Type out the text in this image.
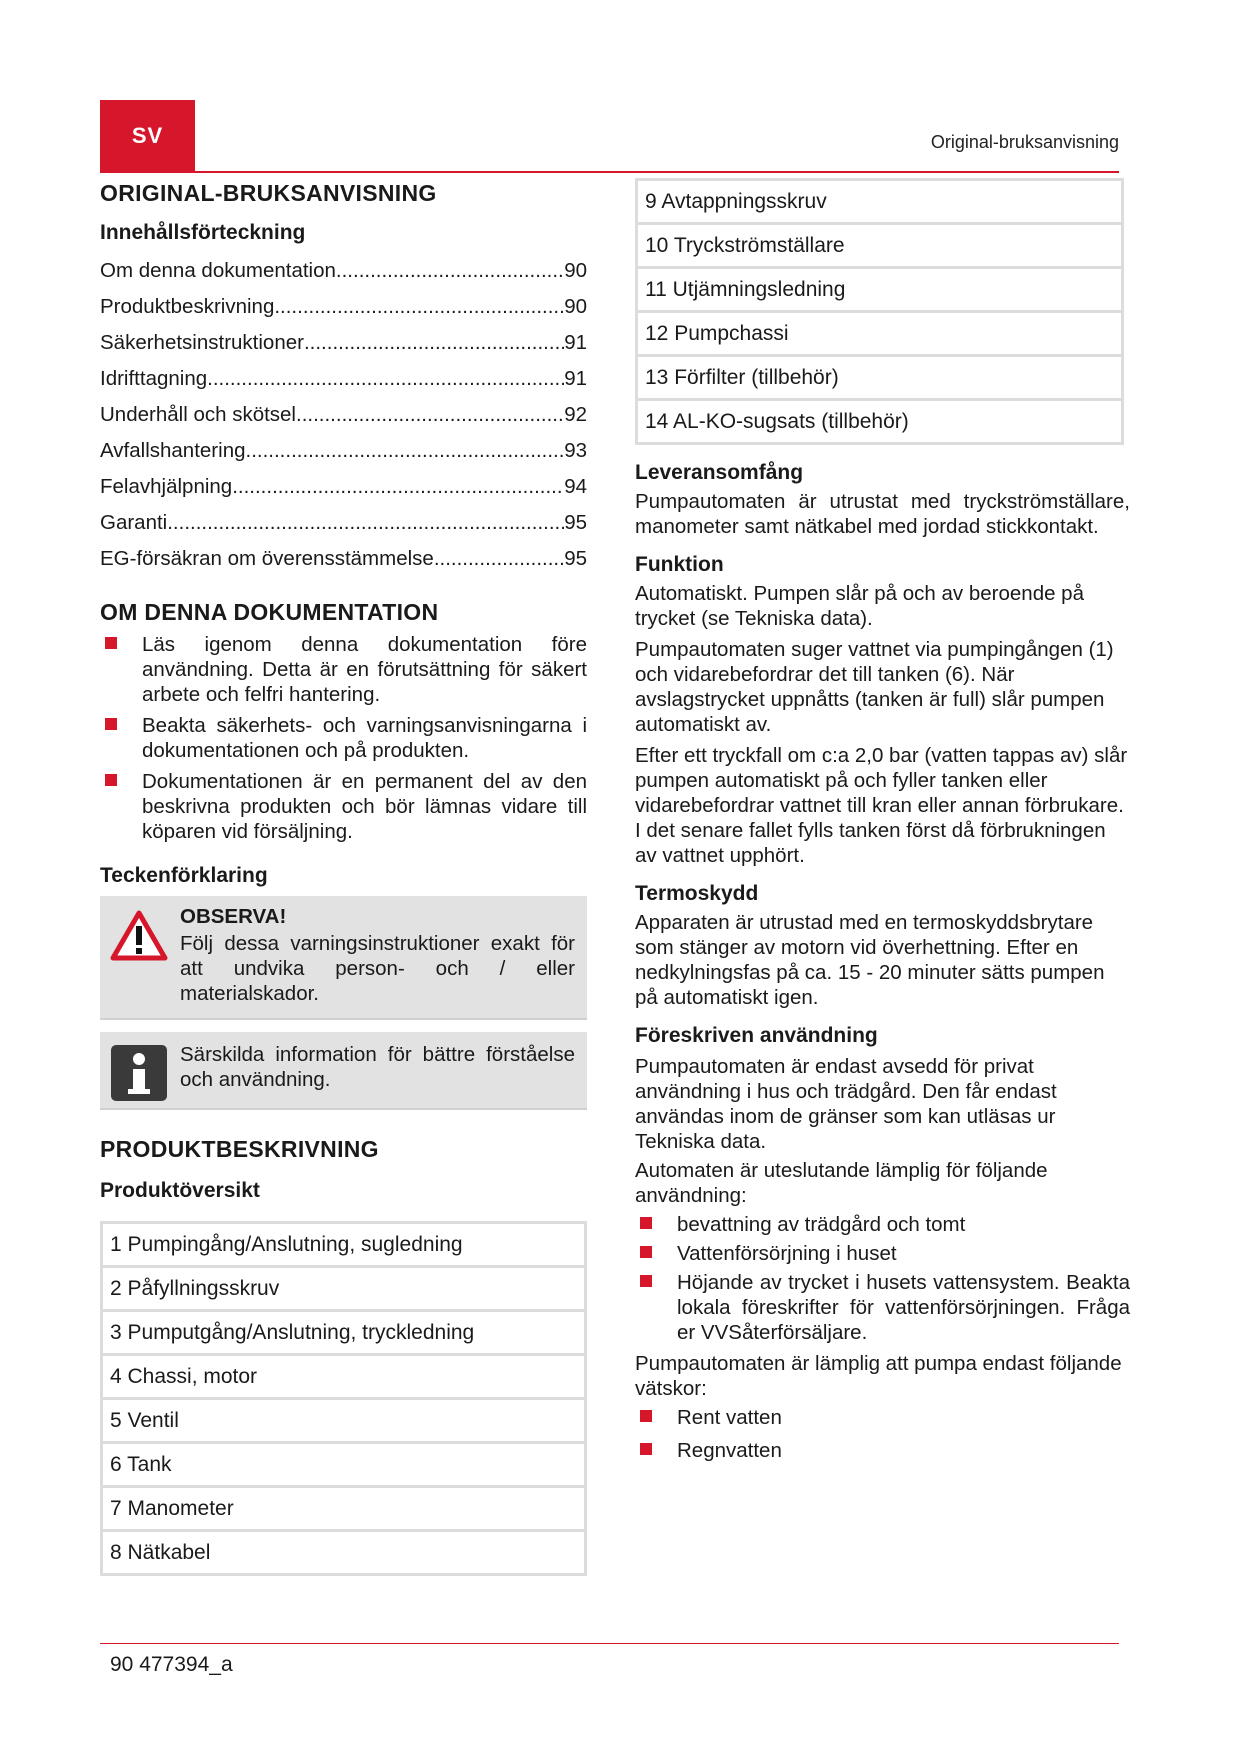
SV	Original-bruksanvisning
ORIGINAL-BRUKSANVISNING
Innehållsförteckning
Om denna dokumentation .....	90
Produktbeskrivning .....	90
Säkerhetsinstruktioner .....	91
Idrifttagning .....	91
Underhåll och skötsel .....	92
Avfallshantering .....	93
Felavhjälpning .....	94
Garanti .....	95
EG-försäkran om överensstämmelse .....	95
OM DENNA DOKUMENTATION
Läs igenom denna dokumentation före användning. Detta är en förutsättning för säkert arbete och felfri hantering.
Beakta säkerhets- och varningsanvisningarna i dokumentationen och på produkten.
Dokumentationen är en permanent del av den beskrivna produkten och bör lämnas vidare till köparen vid försäljning.
Teckenförklaring

OBSERVA!

Följ dessa varningsinstruktioner exakt för att undvika person- och / eller materialskador.

Särskilda information för bättre förståelse och användning.

PRODUKTBESKRIVNING
Produktöversikt
1 Pumpingång/Anslutning, sugledning
2 Påfyllningsskruv
3 Pumputgång/Anslutning, tryckledning
4 Chassi, motor
5 Ventil
6 Tank
7 Manometer
8 Nätkabel
9 Avtappningsskruv
10 Tryckströmställare
11 Utjämningsledning
12 Pumpchassi
13 Förfilter (tillbehör)
14 AL-KO-sugsats (tillbehör)
Leveransomfång

Pumpautomaten är utrustat med tryckströmställare, manometer samt nätkabel med jordad stickkontakt.

Funktion

Automatiskt. Pumpen slår på och av beroende på trycket (se Tekniska data).

Pumpautomaten suger vattnet via pumpingången (1) och vidarebefordrar det till tanken (6). När avslagstrycket uppnåtts (tanken är full) slår pumpen automatiskt av.

Efter ett tryckfall om c:a 2,0 bar (vatten tappas av) slår pumpen automatiskt på och fyller tanken eller vidarebefordrar vattnet till kran eller annan förbrukare. I det senare fallet fylls tanken först då förbrukningen av vattnet upphört.

Termoskydd

Apparaten är utrustad med en termoskyddsbrytare som stänger av motorn vid överhettning. Efter en nedkylningsfas på ca. 15 - 20 minuter sätts pumpen på automatiskt igen.

Föreskriven användning

Pumpautomaten är endast avsedd för privat användning i hus och trädgård. Den får endast användas inom de gränser som kan utläsas ur Tekniska data.

Automaten är uteslutande lämplig för följande användning:

bevattning av trädgård och tomt
Vattenförsörjning i huset
Höjande av trycket i husets vattensystem. Beakta lokala föreskrifter för vattenförsörjningen. Fråga er VVSåterförsäljare.

Pumpautomaten är lämplig att pumpa endast följande vätskor:

Rent vatten
Regnvatten
90 477394_a
